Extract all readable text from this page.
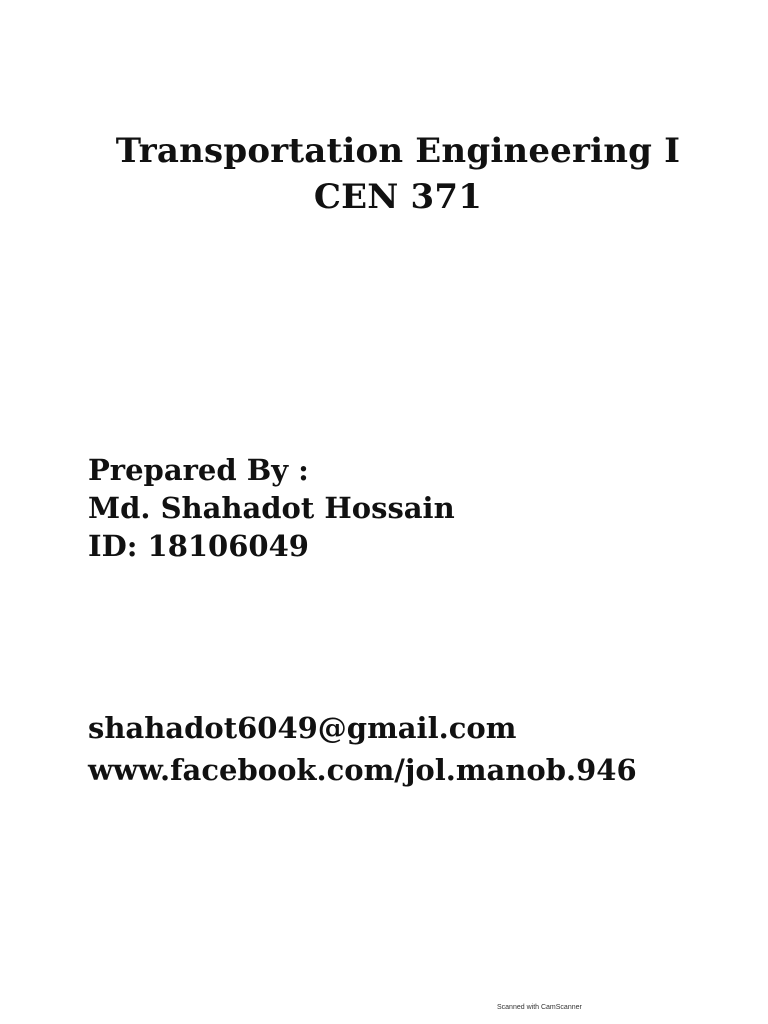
Transportation Engineering I
CEN 371
Prepared By :
Md. Shahadot Hossain
ID: 18106049
shahadot6049@gmail.com
www.facebook.com/jol.manob.946
Scanned with CamScanner
